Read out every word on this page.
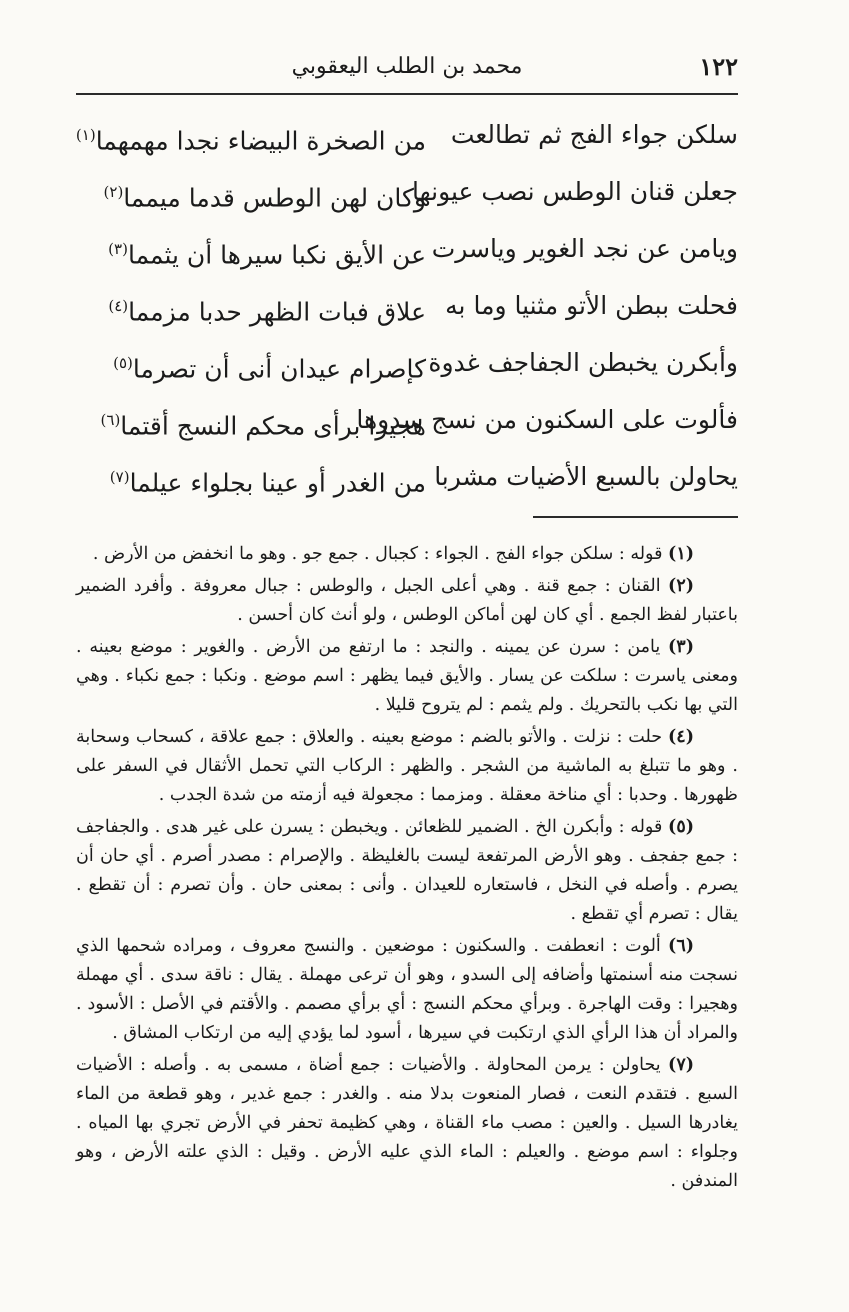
١٢٢
محمد بن الطلب اليعقوبي
سلكن جواء الفج ثم تطالعت
من الصخرة البيضاء نجدا مهمهما$^{(١)}$
جعلن قنان الوطس نصب عيونها
وكان لهن الوطس قدما ميمما$^{(٢)}$
ويامن عن نجد الغوير وياسرت
عن الأيق نكبا سيرها أن يثمما$^{(٣)}$
فحلت ببطن الأتو مثنيا وما به
علاق فبات الظهر حدبا مزمما$^{(٤)}$
وأبكرن يخبطن الجفاجف غدوة
كإصرام عيدان أنى أن تصرما$^{(٥)}$
فألوت على السكنون من نسج سدوها
هجيرا برأى محكم النسج أقتما$^{(٦)}$
يحاولن بالسبع الأضيات مشربا
من الغدر أو عينا بجلواء عيلما$^{(٧)}$

(١) قوله : سلكن جواء الفج . الجواء : كجبال . جمع جو . وهو ما انخفض من الأرض .

(٢) القنان : جمع قنة . وهي أعلى الجبل ، والوطس : جبال معروفة . وأفرد الضمير باعتبار لفظ الجمع . أي كان لهن أماكن الوطس ، ولو أنث كان أحسن .

(٣) يامن : سرن عن يمينه . والنجد : ما ارتفع من الأرض . والغوير : موضع بعينه . ومعنى ياسرت : سلكت عن يسار . والأيق فيما يظهر : اسم موضع . ونكبا : جمع نكباء . وهي التي بها نكب بالتحريك . ولم يثمم : لم يتروح قليلا .

(٤) حلت : نزلت . والأتو بالضم : موضع بعينه . والعلاق : جمع علاقة ، كسحاب وسحابة . وهو ما تتبلغ به الماشية من الشجر . والظهر : الركاب التي تحمل الأثقال في السفر على ظهورها . وحدبا : أي مناخة معقلة . ومزمما : مجعولة فيه أزمته من شدة الجدب .

(٥) قوله : وأبكرن الخ . الضمير للظعائن . ويخبطن : يسرن على غير هدى . والجفاجف : جمع جفجف . وهو الأرض المرتفعة ليست بالغليظة . والإصرام : مصدر أصرم . أي حان أن يصرم . وأصله في النخل ، فاستعاره للعيدان . وأنى : بمعنى حان . وأن تصرم : أن تقطع . يقال : تصرم أي تقطع .

(٦) ألوت : انعطفت . والسكنون : موضعين . والنسج معروف ، ومراده شحمها الذي نسجت منه أسنمتها وأضافه إلى السدو ، وهو أن ترعى مهملة . يقال : ناقة سدى . أي مهملة وهجيرا : وقت الهاجرة . وبرأي محكم النسج : أي برأي مصمم . والأقتم في الأصل : الأسود . والمراد أن هذا الرأي الذي ارتكبت في سيرها ، أسود لما يؤدي إليه من ارتكاب المشاق .

(٧) يحاولن : يرمن المحاولة . والأضيات : جمع أضاة ، مسمى به . وأصله : الأضيات السبع . فتقدم النعت ، فصار المنعوت بدلا منه . والغدر : جمع غدير ، وهو قطعة من الماء يغادرها السيل . والعين : مصب ماء القناة ، وهي كظيمة تحفر في الأرض تجري بها المياه . وجلواء : اسم موضع . والعيلم : الماء الذي عليه الأرض . وقيل : الذي علته الأرض ، وهو المندفن .
